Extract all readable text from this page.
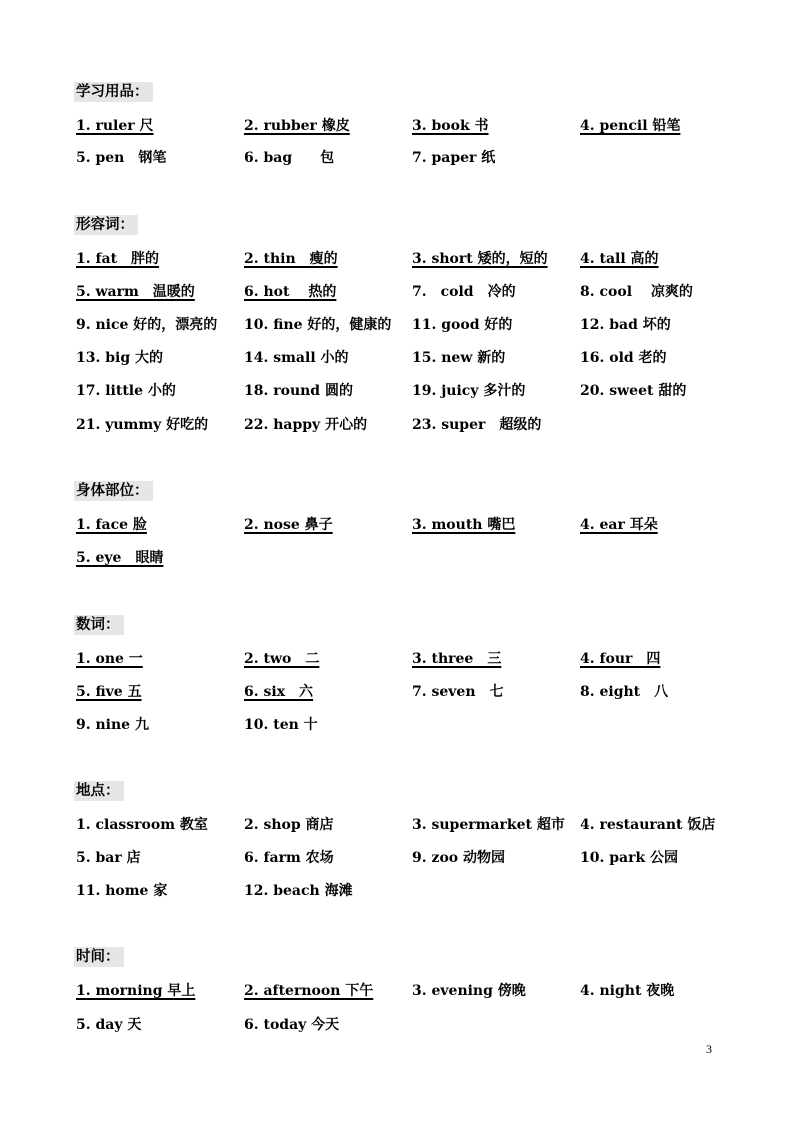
学习用品：
1. ruler 尺	2. rubber 橡皮	3. book 书	4. pencil 铅笔
5. pen　钢笔	6. bag　　包	7. paper 纸
形容词：
1. fat　胖的	2. thin　瘦的	3. short 矮的，短的 4. tall 高的
5. warm　温暖的	6. hot　 热的	7.　cold　冷的	8. cool　 凉爽的
9. nice 好的，漂亮的 10. fine 好的，健康的 11. good 好的	12. bad 坏的
13. big 大的	14. small 小的	15. new 新的	16. old 老的
17. little 小的	18. round 圆的	19. juicy 多汁的	20. sweet 甜的
21. yummy 好吃的	22. happy 开心的	23. super　超级的
身体部位：
1. face 脸	2. nose 鼻子	3. mouth 嘴巴	4. ear 耳朵
5. eye　眼睛
数词：
1. one 一	2. two　二	3. three　三	4. four　四
5. five 五	6. six　六	7. seven　七	8. eight　八
9. nine 九	10. ten 十
地点：
1. classroom 教室	2. shop 商店	3. supermarket 超市 4. restaurant 饭店
5. bar 店	6. farm 农场	9. zoo 动物园	10. park 公园
11. home 家	12. beach 海滩
时间：
1. morning 早上	2. afternoon 下午	3. evening 傍晚	4. night 夜晚
5. day 天	6. today 今天
3
